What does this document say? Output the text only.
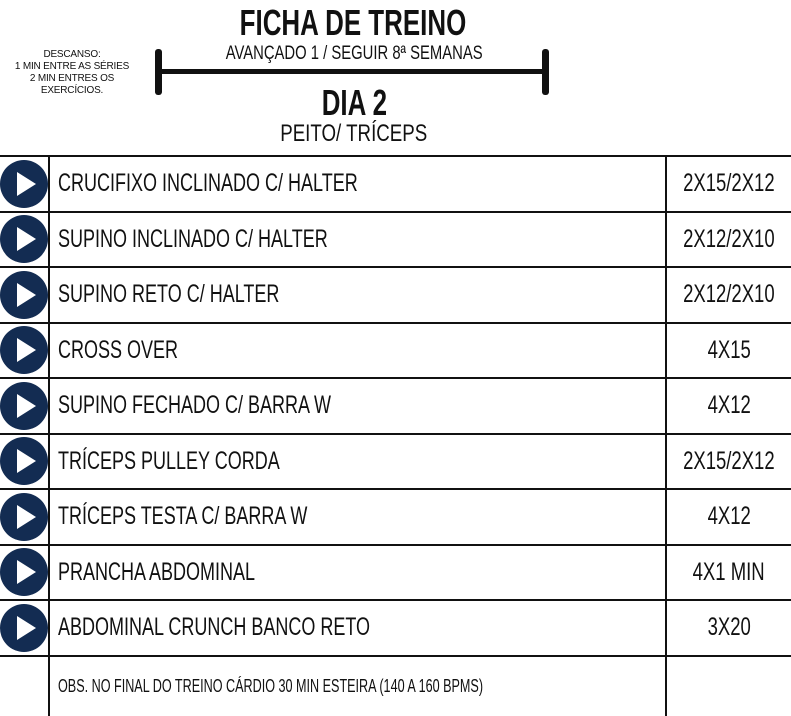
FICHA DE TREINO
AVANÇADO 1 / SEGUIR 8ª SEMANAS
DESCANSO:
1 MIN ENTRE AS SÉRIES
2 MIN ENTRES OS EXERCÍCIOS.	DIA 2
PEITO/ TRÍCEPS
	CRUCIFIXO INCLINADO C/ HALTER	2X15/2X12
	SUPINO INCLINADO C/ HALTER	2X12/2X10
	SUPINO RETO C/ HALTER	2X12/2X10
	CROSS OVER	4X15
	SUPINO FECHADO C/ BARRA W	4X12
	TRÍCEPS PULLEY CORDA	2X15/2X12
	TRÍCEPS TESTA C/ BARRA W	4X12
	PRANCHA ABDOMINAL	4X1 MIN
	ABDOMINAL CRUNCH BANCO RETO	3X20
	OBS. NO FINAL DO TREINO CÁRDIO 30 MIN ESTEIRA (140 A 160 BPMS)	
